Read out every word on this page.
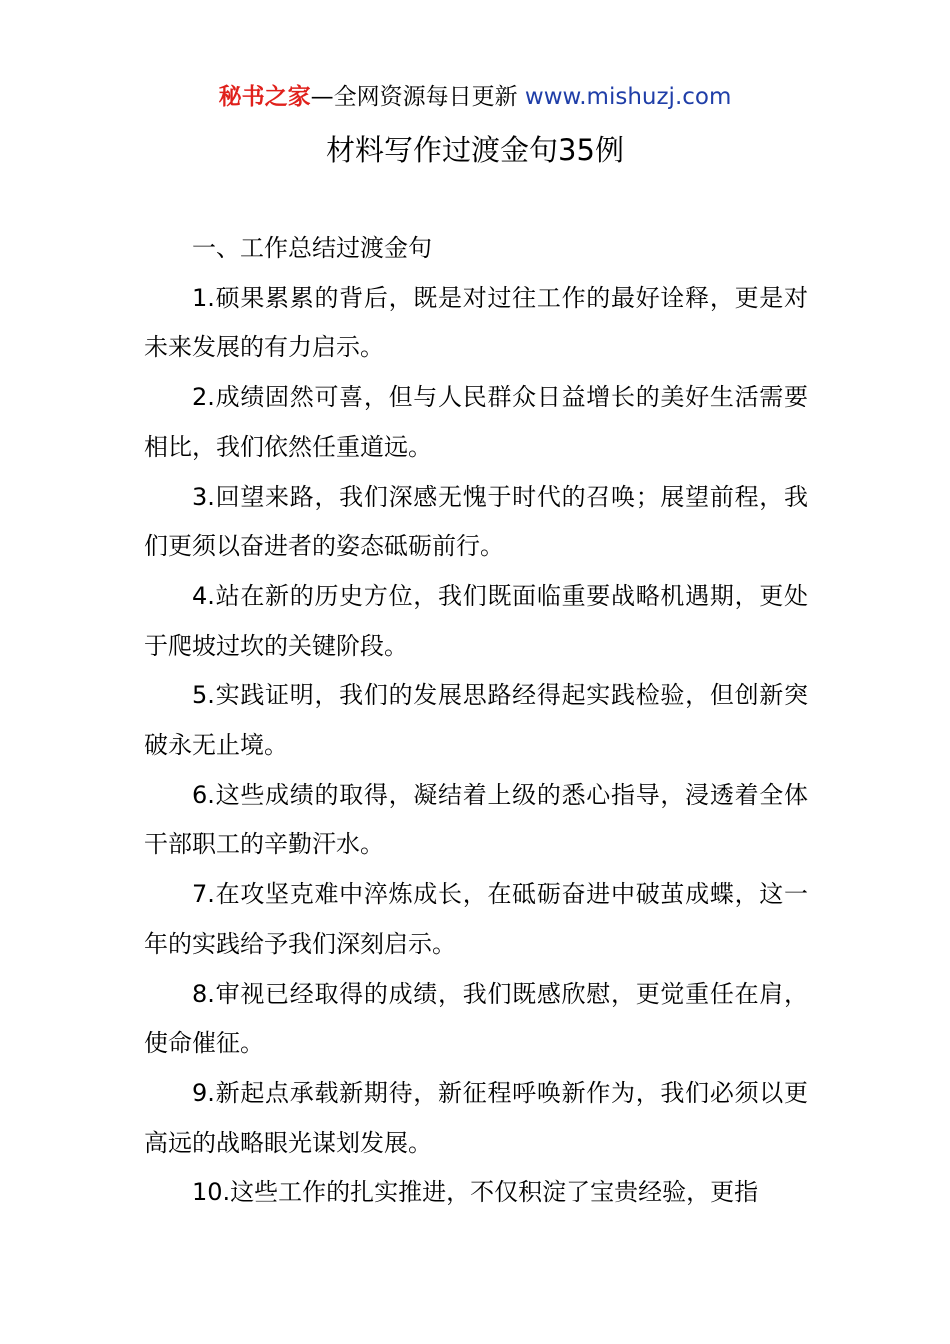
秘书之家—全网资源每日更新 www.mishuzj.com
材料写作过渡金句35例

一、工作总结过渡金句

1.硕果累累的背后，既是对过往工作的最好诠释，更是对未来发展的有力启示。

2.成绩固然可喜，但与人民群众日益增长的美好生活需要相比，我们依然任重道远。

3.回望来路，我们深感无愧于时代的召唤；展望前程，我们更须以奋进者的姿态砥砺前行。

4.站在新的历史方位，我们既面临重要战略机遇期，更处于爬坡过坎的关键阶段。

5.实践证明，我们的发展思路经得起实践检验，但创新突破永无止境。

6.这些成绩的取得，凝结着上级的悉心指导，浸透着全体干部职工的辛勤汗水。

7.在攻坚克难中淬炼成长，在砥砺奋进中破茧成蝶，这一年的实践给予我们深刻启示。

8.审视已经取得的成绩，我们既感欣慰，更觉重任在肩，使命催征。

9.新起点承载新期待，新征程呼唤新作为，我们必须以更高远的战略眼光谋划发展。

10.这些工作的扎实推进，不仅积淀了宝贵经验，更指
